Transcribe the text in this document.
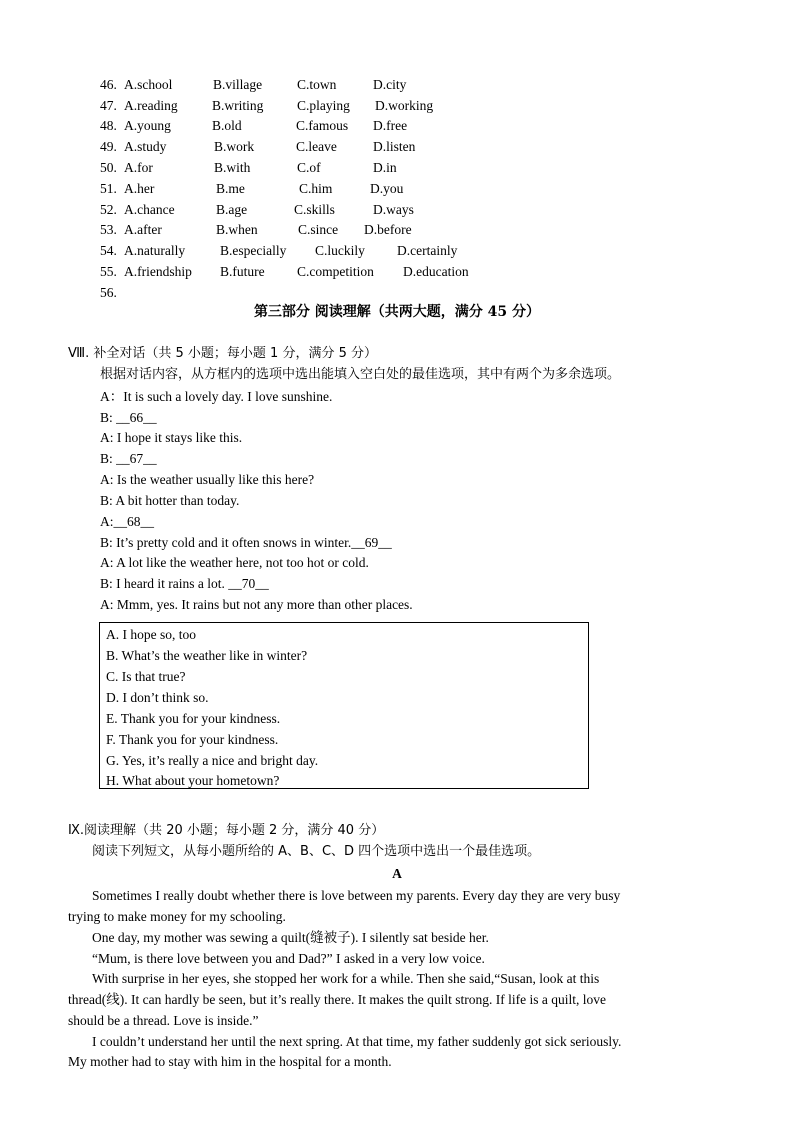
46. A.school	B.village	C.town	D.city
47. A.reading	B.writing C.playing D.working
48. A.young	B.old	C.famous D.free
49. A.study	B.work	C.leave	D.listen
50. A.for	B.with	C.of	D.in
51. A.her	B.me	C.him	D.you
52. A.chance	B.age	C.skills	D.ways
53. A.after	B.when	C.since D.before
54. A.naturally	B.especially C.luckily D.certainly
55. A.friendship B.future C.competition D.education
56.
第三部分 阅读理解（共两大题，满分 45 分）
Ⅷ. 补全对话（共 5 小题；每小题 1 分，满分 5 分）
根据对话内容，从方框内的选项中选出能填入空白处的最佳选项，其中有两个为多余选项。
A：It is such a lovely day. I love sunshine.
B: __66__
A: I hope it stays like this.
B: __67__
A: Is the weather usually like this here?
B: A bit hotter than today.
A:__68__
B: It’s pretty cold and it often snows in winter.__69__
A: A lot like the weather here, not too hot or cold.
B: I heard it rains a lot. __70__
A: Mmm, yes. It rains but not any more than other places.
A. I hope so, too
B. What’s the weather like in winter?
C. Is that true?
D. I don’t think so.
E. Thank you for your kindness.
F. Thank you for your kindness.
G. Yes, it’s really a nice and bright day.
H. What about your hometown?
Ⅸ.阅读理解（共 20 小题；每小题 2 分，满分 40 分）
阅读下列短文，从每小题所给的 A、B、C、D 四个选项中选出一个最佳选项。
A
Sometimes I really doubt whether there is love between my parents. Every day they are very busy
trying to make money for my schooling.
One day, my mother was sewing a quilt(缝被子). I silently sat beside her.
“Mum, is there love between you and Dad?” I asked in a very low voice.
With surprise in her eyes, she stopped her work for a while. Then she said,“Susan, look at this
thread(线). It can hardly be seen, but it’s really there. It makes the quilt strong. If life is a quilt, love
should be a thread. Love is inside.”
I couldn’t understand her until the next spring. At that time, my father suddenly got sick seriously.
My mother had to stay with him in the hospital for a month.
